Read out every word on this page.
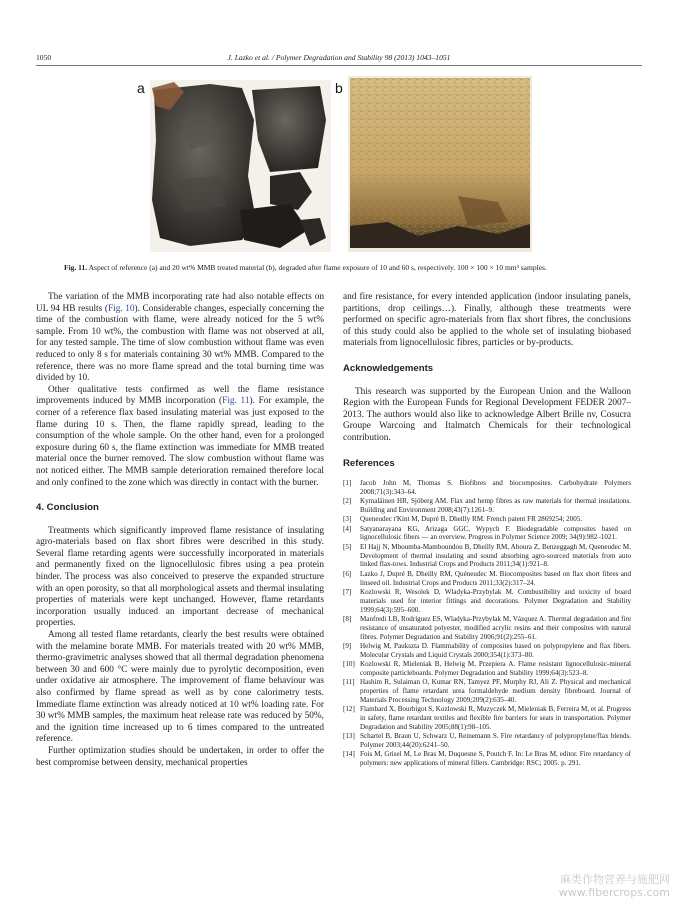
1050	J. Lazko et al. / Polymer Degradation and Stability 98 (2013) 1043–1051
a	b
Fig. 11. Aspect of reference (a) and 20 wt% MMB treated material (b), degraded after flame exposure of 10 and 60 s, respectively. 100 × 100 × 10 mm³ samples.

The variation of the MMB incorporating rate had also notable effects on UL 94 HB results (Fig. 10). Considerable changes, especially concerning the time of the combustion with flame, were already noticed for the 5 wt% sample. From 10 wt%, the combustion with flame was not observed at all, for any tested sample. The time of slow combustion without flame was even reduced to only 8 s for materials containing 30 wt% MMB. Compared to the reference, there was no more flame spread and the total burning time was divided by 10.

Other qualitative tests confirmed as well the flame resistance improvements induced by MMB incorporation (Fig. 11). For example, the corner of a reference flax based insulating material was just exposed to the flame during 10 s. Then, the flame rapidly spread, leading to the consumption of the whole sample. On the other hand, even for a prolonged exposure during 60 s, the flame extinction was immediate for MMB treated material once the burner removed. The slow combustion without flame was not noticed either. The MMB sample deterioration remained therefore local and only confined to the zone which was directly in contact with the burner.

4. Conclusion

Treatments which significantly improved flame resistance of insulating agro-materials based on flax short fibres were described in this study. Several flame retarding agents were successfully incorporated in materials and permanently fixed on the lignocellulosic fibres using a pea protein binder. The process was also conceived to preserve the expanded structure with an open porosity, so that all morphological assets and thermal insulating properties of materials were kept unchanged. However, flame retardants incorporation usually induced an important decrease of mechanical properties.

Among all tested flame retardants, clearly the best results were obtained with the melamine borate MMB. For materials treated with 20 wt% MMB, thermo-gravimetric analyses showed that all thermal degradation phenomena between 30 and 600 °C were mainly due to pyrolytic decomposition, even under oxidative air atmosphere. The improvement of flame behaviour was also confirmed by flame spread as well as by cone calorimetry tests. Immediate flame extinction was already noticed at 10 wt% loading rate. For 30 wt% MMB samples, the maximum heat release rate was reduced by 50%, and the ignition time increased up to 6 times compared to the untreated reference.

Further optimization studies should be undertaken, in order to offer the best compromise between density, mechanical properties

and fire resistance, for every intended application (indoor insulating panels, partitions, drop ceilings…). Finally, although these treatments were performed on specific agro-materials from flax short fibres, the conclusions of this study could also be applied to the whole set of insulating biobased materials from lignocellulosic fibres, particles or by-products.

Acknowledgements

This research was supported by the European Union and the Walloon Region with the European Funds for Regional Development FEDER 2007–2013. The authors would also like to acknowledge Albert Brille nv, Cosucra Groupe Warcoing and Italmatch Chemicals for their technological contribution.

References
[1] Jacob John M, Thomas S. Biofibres and biocomposites. Carbohydrate Polymers 2008;71(3):343–64.
[2] Kymaläinen HR, Sjöberg AM. Flax and hemp fibres as raw materials for thermal insulations. Building and Environment 2008;43(7):1261–9.
[3] Queneudec t'Kint M, Dupré B, Dheilly RM. French patent FR 2869254; 2005.
[4] Satyanarayana KG, Arizaga GGC, Wypych F. Biodegradable composites based on lignocellulosic fibers — an overview. Progress in Polymer Science 2009; 34(9):982–1021.
[5] El Hajj N, Mboumba-Mamboundou B, Dheilly RM, Aboura Z, Benzeggagh M, Queneudec M. Development of thermal insulating and sound absorbing agro-sourced materials from auto linked flax-tows. Industrial Crops and Products 2011;34(1):921–8.
[6] Lazko J, Dupré B, Dheilly RM, Quéneudec M. Biocomposites based on flax short fibres and linseed oil. Industrial Crops and Products 2011;33(2):317–24.
[7] Kozlowski R, Wesolek D, Wladyka-Przybylak M. Combustibility and toxicity of board materials used for interior fittings and decorations. Polymer Degradation and Stability 1999;64(3):595–600.
[8] Manfredi LB, Rodríguez ES, Wladyka-Przybylak M, Vázquez A. Thermal degradation and fire resistance of unsaturated polyester, modified acrylic resins and their composites with natural fibres. Polymer Degradation and Stability 2006;91(2):255–61.
[9] Helwig M, Paukszta D. Flammability of composites based on polypropylene and flax fibers. Molecular Crystals and Liquid Crystals 2000;354(1):373–80.
[10] Kozlowski R, Mieleniak B, Helwig M, Przepiera A. Flame resistant lignocellulosic-mineral composite particleboards. Polymer Degradation and Stability 1999;64(3):523–8.
[11] Hashim R, Sulaiman O, Kumar RN, Tamyez PF, Murphy RJ, Ali Z. Physical and mechanical properties of flame retardant urea formaldehyde medium density fibreboard. Journal of Materials Processing Technology 2009;209(2):635–40.
[12] Flambard X, Bourbigot S, Kozlowski R, Muzyczek M, Mieleniak B, Ferreira M, et al. Progress in safety, flame retardant textiles and flexible fire barriers for seats in transportation. Polymer Degradation and Stability 2005;88(1):98–105.
[13] Schartel B, Braun U, Schwarz U, Reinemann S. Fire retardancy of polypropylene/flax blends. Polymer 2003;44(20):6241–50.
[14] Fois M, Grisel M, Le Bras M, Duquesne S, Poutch F. In: Le Bras M, editor. Fire retardancy of polymers: new applications of mineral fillers. Cambridge: RSC; 2005. p. 291.
麻类作物营养与施肥网
www.fibercrops.com
